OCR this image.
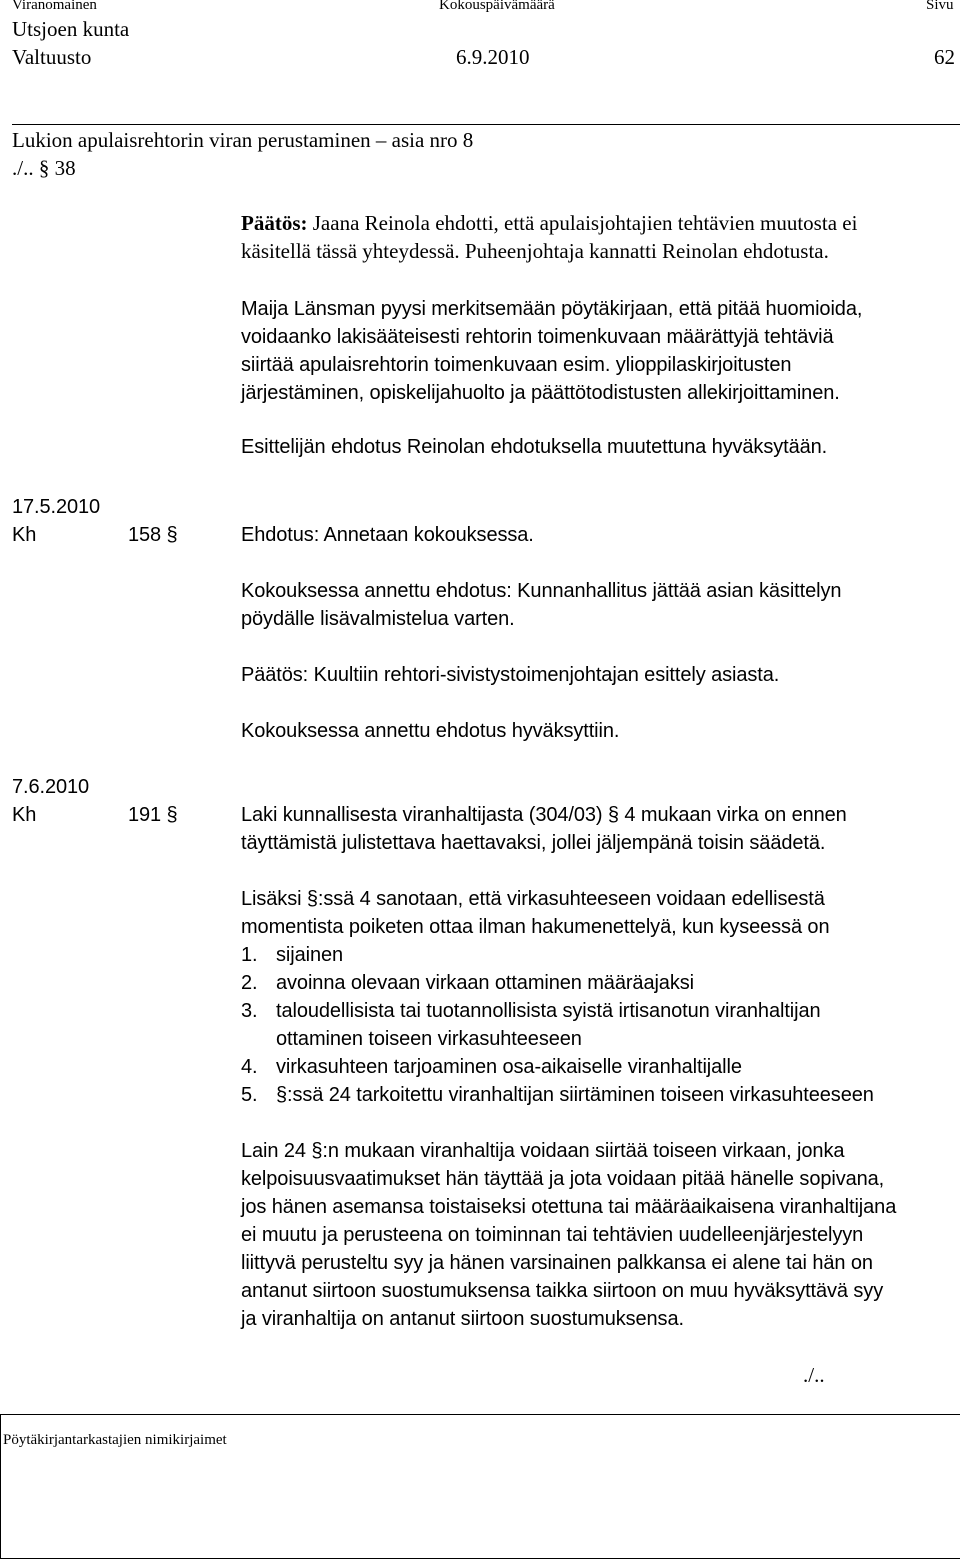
Viranomainen	Kokouspäivämäärä	Sivu
Utsjoen kunta
Valtuusto	6.9.2010	62
Lukion apulaisrehtorin viran perustaminen – asia nro 8
./.. § 38
Päätös: Jaana Reinola ehdotti, että apulaisjohtajien tehtävien muutosta ei
käsitellä tässä yhteydessä. Puheenjohtaja kannatti Reinolan ehdotusta.
Maija Länsman pyysi merkitsemään pöytäkirjaan, että pitää huomioida,
voidaanko lakisääteisesti rehtorin toimenkuvaan määrättyjä tehtäviä
siirtää apulaisrehtorin toimenkuvaan esim. ylioppilaskirjoitusten
järjestäminen, opiskelijahuolto ja päättötodistusten allekirjoittaminen.
Esittelijän ehdotus Reinolan ehdotuksella muutettuna hyväksytään.
17.5.2010
Kh	158 §	Ehdotus: Annetaan kokouksessa.
Kokouksessa annettu ehdotus: Kunnanhallitus jättää asian käsittelyn
pöydälle lisävalmistelua varten.
Päätös: Kuultiin rehtori-sivistystoimenjohtajan esittely asiasta.
Kokouksessa annettu ehdotus hyväksyttiin.
7.6.2010
Kh	191 §	Laki kunnallisesta viranhaltijasta (304/03) § 4 mukaan virka on ennen
täyttämistä julistettava haettavaksi, jollei jäljempänä toisin säädetä.
Lisäksi §:ssä 4 sanotaan, että virkasuhteeseen voidaan edellisestä
momentista poiketen ottaa ilman hakumenettelyä, kun kyseessä on
1. sijainen
2. avoinna olevaan virkaan ottaminen määräajaksi
3. taloudellisista tai tuotannollisista syistä irtisanotun viranhaltijan
ottaminen toiseen virkasuhteeseen
4. virkasuhteen tarjoaminen osa-aikaiselle viranhaltijalle
5. §:ssä 24 tarkoitettu viranhaltijan siirtäminen toiseen virkasuhteeseen
Lain 24 §:n mukaan viranhaltija voidaan siirtää toiseen virkaan, jonka
kelpoisuusvaatimukset hän täyttää ja jota voidaan pitää hänelle sopivana,
jos hänen asemansa toistaiseksi otettuna tai määräaikaisena viranhaltijana
ei muutu ja perusteena on toiminnan tai tehtävien uudelleenjärjestelyyn
liittyvä perusteltu syy ja hänen varsinainen palkkansa ei alene tai hän on
antanut siirtoon suostumuksensa taikka siirtoon on muu hyväksyttävä syy
ja viranhaltija on antanut siirtoon suostumuksensa.
./..
Pöytäkirjantarkastajien nimikirjaimet
